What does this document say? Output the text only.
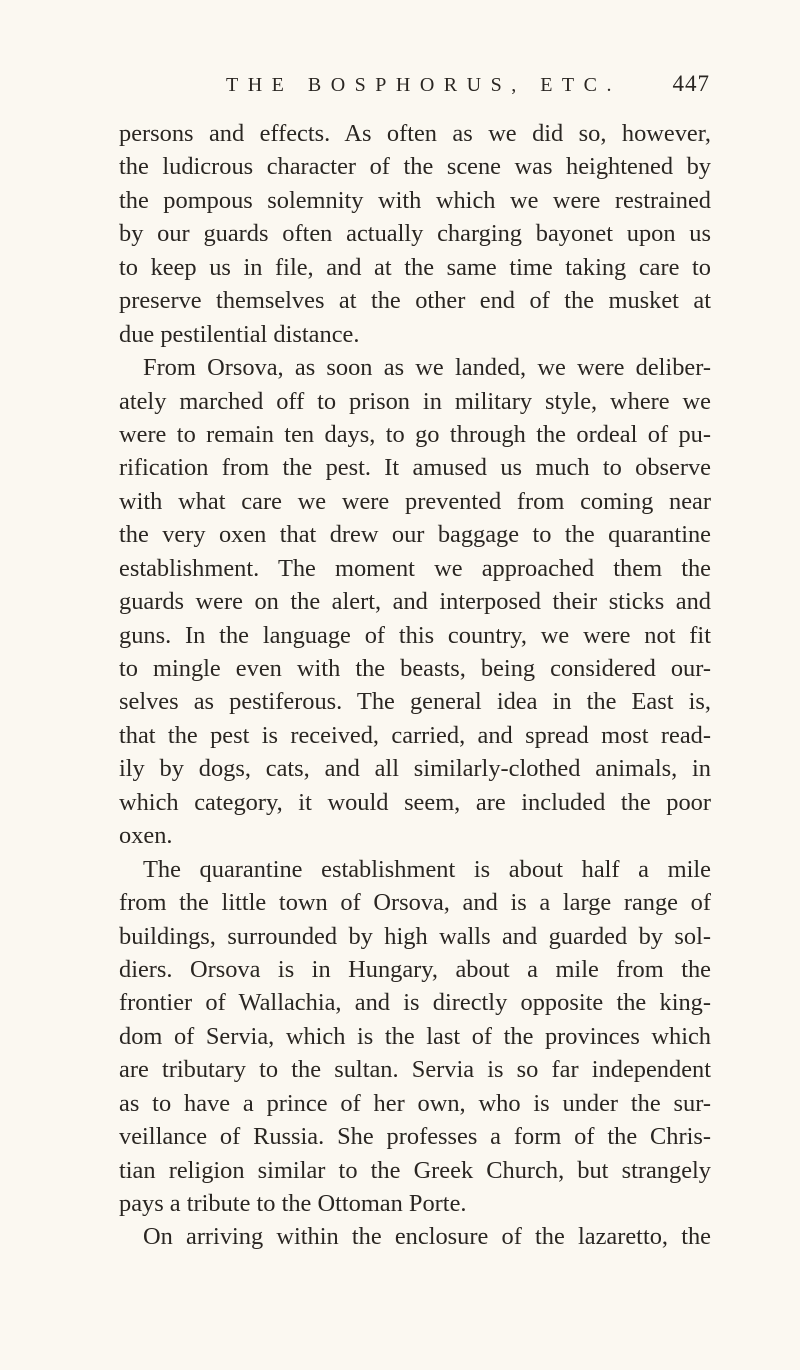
THE BOSPHORUS, ETC. 447
persons and effects. As often as we did so, however,
the ludicrous character of the scene was heightened by
the pompous solemnity with which we were restrained
by our guards often actually charging bayonet upon us
to keep us in file, and at the same time taking care to
preserve themselves at the other end of the musket at
due pestilential distance.
From Orsova, as soon as we landed, we were deliber-
ately marched off to prison in military style, where we
were to remain ten days, to go through the ordeal of pu-
rification from the pest. It amused us much to observe
with what care we were prevented from coming near
the very oxen that drew our baggage to the quarantine
establishment. The moment we approached them the
guards were on the alert, and interposed their sticks and
guns. In the language of this country, we were not fit
to mingle even with the beasts, being considered our-
selves as pestiferous. The general idea in the East is,
that the pest is received, carried, and spread most read-
ily by dogs, cats, and all similarly-clothed animals, in
which category, it would seem, are included the poor
oxen.
The quarantine establishment is about half a mile
from the little town of Orsova, and is a large range of
buildings, surrounded by high walls and guarded by sol-
diers. Orsova is in Hungary, about a mile from the
frontier of Wallachia, and is directly opposite the king-
dom of Servia, which is the last of the provinces which
are tributary to the sultan. Servia is so far independent
as to have a prince of her own, who is under the sur-
veillance of Russia. She professes a form of the Chris-
tian religion similar to the Greek Church, but strangely
pays a tribute to the Ottoman Porte.
On arriving within the enclosure of the lazaretto, the
